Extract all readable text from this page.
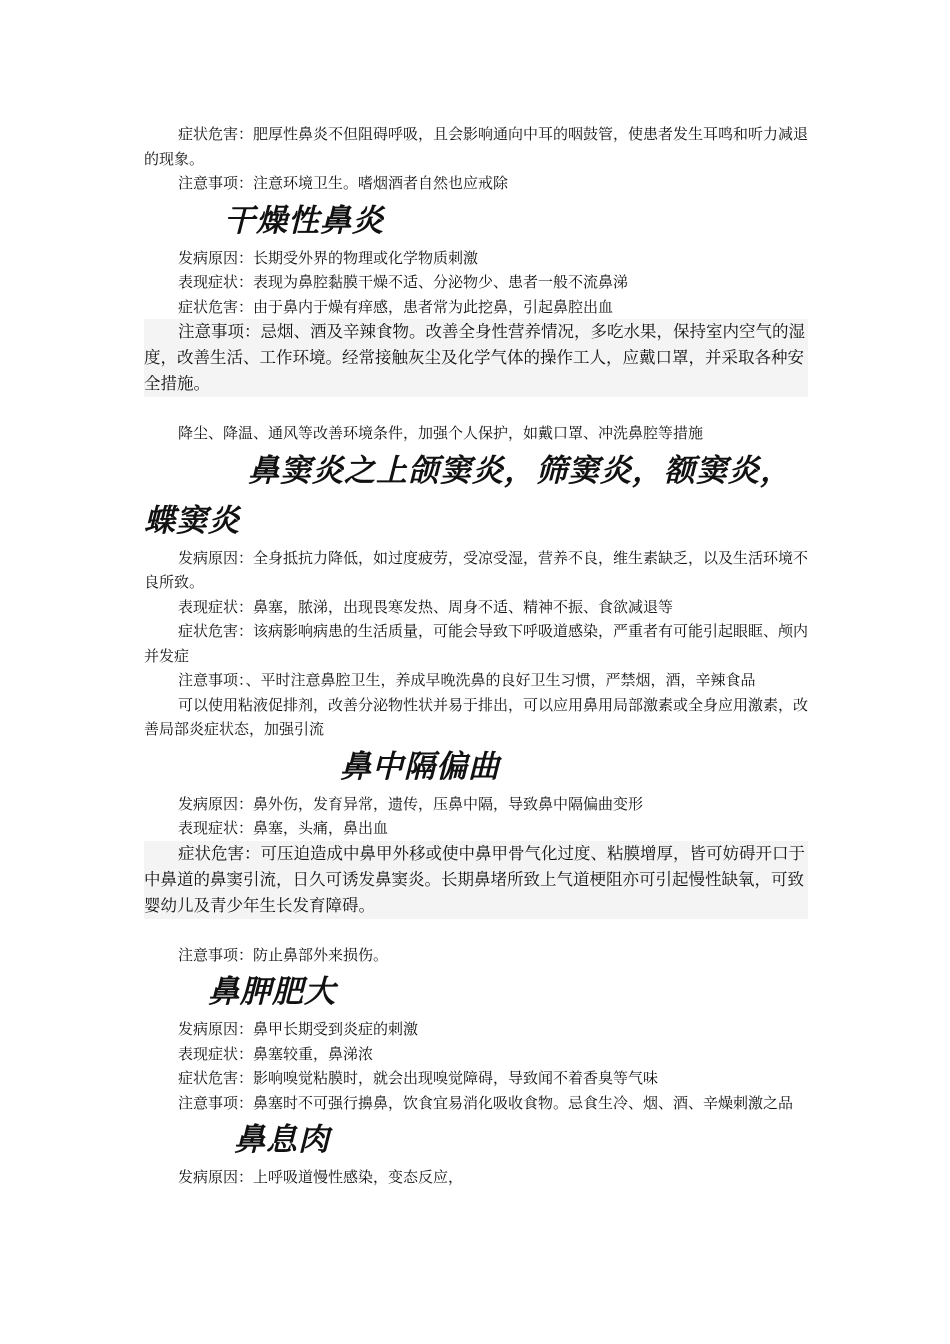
症状危害：肥厚性鼻炎不但阻碍呼吸，且会影响通向中耳的咽鼓管，使患者发生耳鸣和听力减退的现象。

注意事项：注意环境卫生。嗜烟酒者自然也应戒除

干燥性鼻炎

发病原因：长期受外界的物理或化学物质刺激

表现症状：表现为鼻腔黏膜干燥不适、分泌物少、患者一般不流鼻涕

症状危害：由于鼻内于燥有痒感，患者常为此挖鼻，引起鼻腔出血

注意事项：忌烟、酒及辛辣食物。改善全身性营养情况，多吃水果，保持室内空气的湿度，改善生活、工作环境。经常接触灰尘及化学气体的操作工人，应戴口罩，并采取各种安全措施。

降尘、降温、通风等改善环境条件，加强个人保护，如戴口罩、冲洗鼻腔等措施

鼻窦炎之上颌窦炎，筛窦炎，额窦炎，蝶窦炎

发病原因：全身抵抗力降低，如过度疲劳，受凉受湿，营养不良，维生素缺乏，以及生活环境不良所致。

表现症状：鼻塞，脓涕，出现畏寒发热、周身不适、精神不振、食欲减退等

症状危害：该病影响病患的生活质量，可能会导致下呼吸道感染，严重者有可能引起眼眶、颅内并发症

注意事项：、平时注意鼻腔卫生，养成早晚洗鼻的良好卫生习惯，严禁烟，酒，辛辣食品

可以使用粘液促排剂，改善分泌物性状并易于排出，可以应用鼻用局部激素或全身应用激素，改善局部炎症状态，加强引流

鼻中隔偏曲

发病原因：鼻外伤，发育异常，遗传，压鼻中隔，导致鼻中隔偏曲变形

表现症状：鼻塞，头痛，鼻出血

症状危害：可压迫造成中鼻甲外移或使中鼻甲骨气化过度、粘膜增厚，皆可妨碍开口于中鼻道的鼻窦引流，日久可诱发鼻窦炎。长期鼻堵所致上气道梗阻亦可引起慢性缺氧，可致婴幼儿及青少年生长发育障碍。

注意事项：防止鼻部外来损伤。

鼻胛肥大

发病原因：鼻甲长期受到炎症的刺激

表现症状：鼻塞较重，鼻涕浓

症状危害：影响嗅觉粘膜时，就会出现嗅觉障碍，导致闻不着香臭等气味

注意事项：鼻塞时不可强行擤鼻，饮食宜易消化吸收食物。忌食生冷、烟、酒、辛燥刺激之品

鼻息肉

发病原因：上呼吸道慢性感染，变态反应，
